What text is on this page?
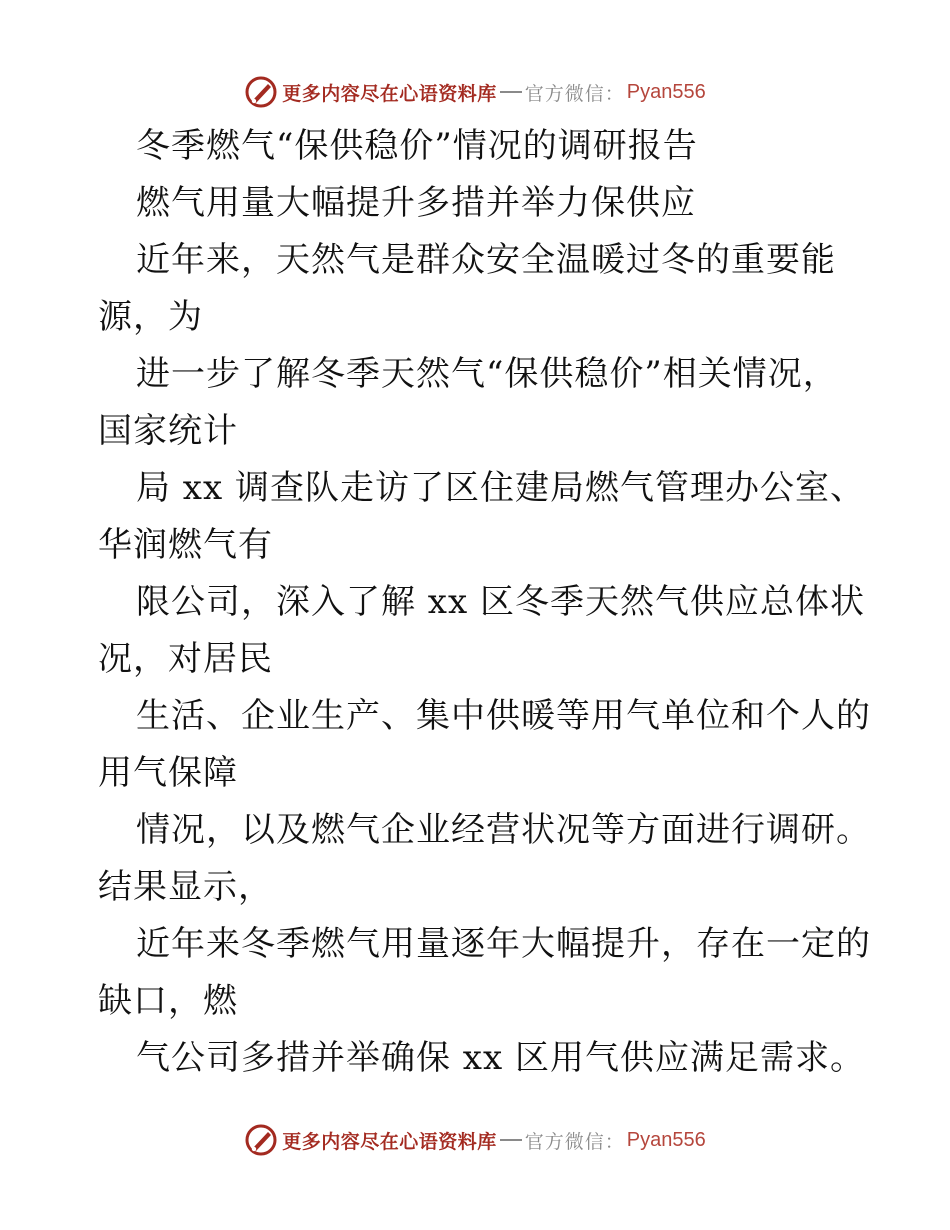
更多内容尽在心语资料库 官方微信： Pyan556
冬季燃气“保供稳价”情况的调研报告
燃气用量大幅提升多措并举力保供应
近年来，天然气是群众安全温暖过冬的重要能
源，为
进一步了解冬季天然气“保供稳价”相关情况，
国家统计
局 xx 调查队走访了区住建局燃气管理办公室、
华润燃气有
限公司，深入了解 xx 区冬季天然气供应总体状
况，对居民
生活、企业生产、集中供暖等用气单位和个人的
用气保障
情况，以及燃气企业经营状况等方面进行调研。
结果显示，
近年来冬季燃气用量逐年大幅提升，存在一定的
缺口，燃
气公司多措并举确保 xx 区用气供应满足需求。
更多内容尽在心语资料库 官方微信： Pyan556
